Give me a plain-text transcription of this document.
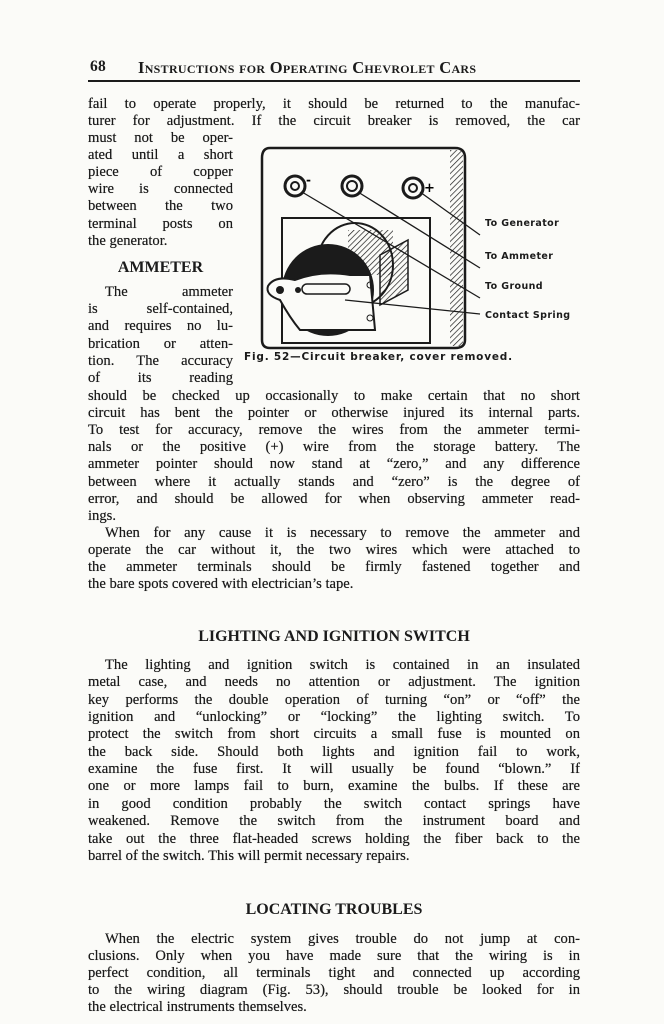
68 Instructions for Operating Chevrolet Cars
fail to operate properly, it should be returned to the manufac-
turer for adjustment. If the circuit breaker is removed, the car
must not be oper-
ated until a short
piece of copper
wire is connected
between the two
terminal posts on
the generator.
The ammeter
is self-contained,
and requires no lu-
brication or atten-
tion. The accuracy
of its reading
should be checked up occasionally to make certain that no short
circuit has bent the pointer or otherwise injured its internal parts.
To test for accuracy, remove the wires from the ammeter termi-
nals or the positive (+) wire from the storage battery. The
ammeter pointer should now stand at “zero,” and any difference
between where it actually stands and “zero” is the degree of
error, and should be allowed for when observing ammeter read-
ings.
When for any cause it is necessary to remove the ammeter and
operate the car without it, the two wires which were attached to
the ammeter terminals should be firmly fastened together and
the bare spots covered with electrician’s tape.
The lighting and ignition switch is contained in an insulated
metal case, and needs no attention or adjustment. The ignition
key performs the double operation of turning “on” or “off” the
ignition and “unlocking” or “locking” the lighting switch. To
protect the switch from short circuits a small fuse is mounted on
the back side. Should both lights and ignition fail to work,
examine the fuse first. It will usually be found “blown.” If
one or more lamps fail to burn, examine the bulbs. If these are
in good condition probably the switch contact springs have
weakened. Remove the switch from the instrument board and
take out the three flat-headed screws holding the fiber back to the
barrel of the switch. This will permit necessary repairs.
When the electric system gives trouble do not jump at con-
clusions. Only when you have made sure that the wiring is in
perfect condition, all terminals tight and connected up according
to the wiring diagram (Fig. 53), should trouble be looked for in
the electrical instruments themselves.
AMMETER
LIGHTING AND IGNITION SWITCH
LOCATING TROUBLES
-
+
To Generator
To Ammeter
To Ground
Contact Spring
Fig. 52—Circuit breaker, cover removed.
